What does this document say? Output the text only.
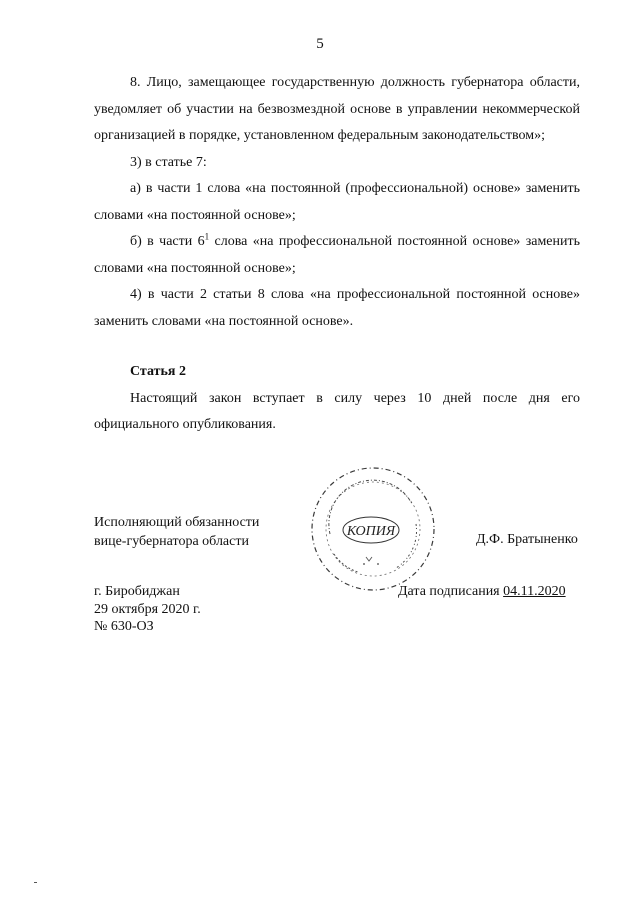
5

8. Лицо, замещающее государственную должность губернатора области, уведомляет об участии на безвозмездной основе в управлении некоммерческой организацией в порядке, установленном федеральным законодательством»;

3) в статье 7:

а) в части 1 слова «на постоянной (профессиональной) основе» заменить словами «на постоянной основе»;

б) в части $6^1$ слова «на профессиональной постоянной основе» заменить словами «на постоянной основе»;

4) в части 2 статьи 8 слова «на профессиональной постоянной основе» заменить словами «на постоянной основе».

Статья 2

Настоящий закон вступает в силу через 10 дней после дня его официального опубликования.

Исполняющий обязанности
вице-губернатора области
КОПИЯ
Д.Ф. Братыненко
г. Биробиджан
29 октября 2020 г.
№ 630-ОЗ
Дата подписания 04.11.2020
